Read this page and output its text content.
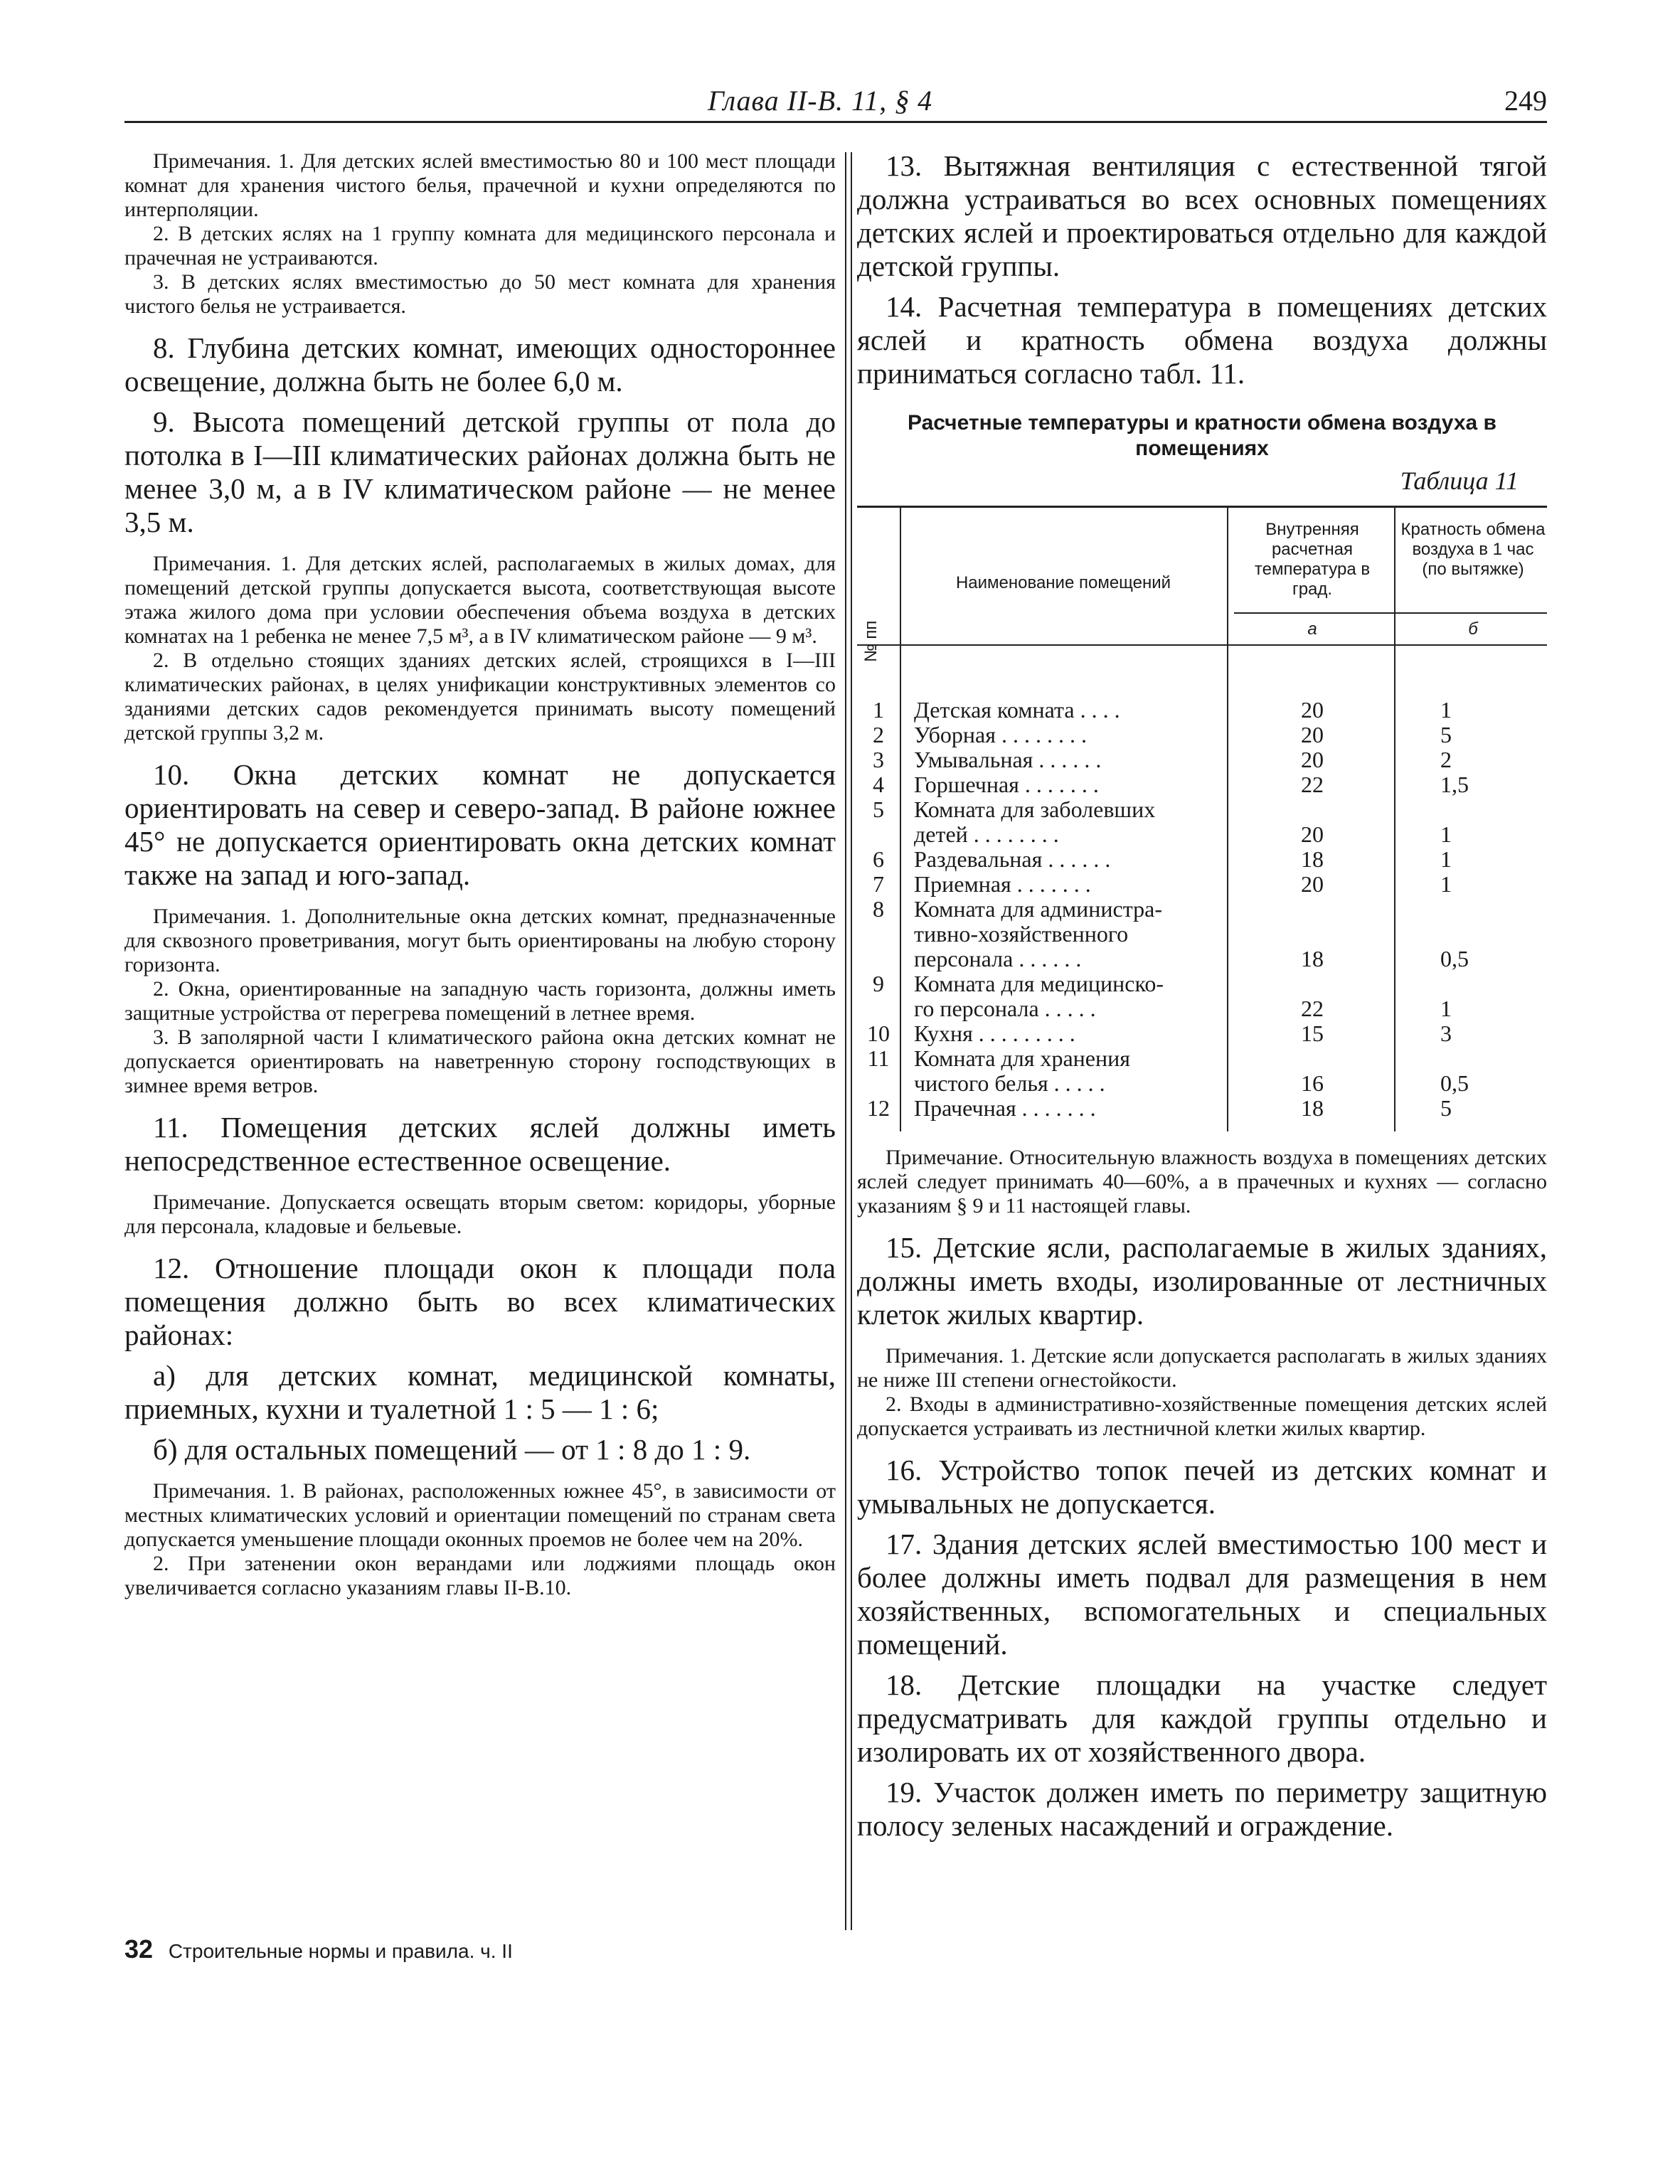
Глава II-В. 11, § 4	249

Примечания. 1. Для детских яслей вместимостью 80 и 100 мест площади комнат для хранения чистого белья, прачечной и кухни определяются по интерполяции.

2. В детских яслях на 1 группу комната для медицинского персонала и прачечная не устраиваются.

3. В детских яслях вместимостью до 50 мест комната для хранения чистого белья не устраивается.

8. Глубина детских комнат, имеющих одностороннее освещение, должна быть не более 6,0 м.

9. Высота помещений детской группы от пола до потолка в I—III климатических районах должна быть не менее 3,0 м, а в IV климатическом районе — не менее 3,5 м.

Примечания. 1. Для детских яслей, располагаемых в жилых домах, для помещений детской группы допускается высота, соответствующая высоте этажа жилого дома при условии обеспечения объема воздуха в детских комнатах на 1 ребенка не менее 7,5 м³, а в IV климатическом районе — 9 м³.

2. В отдельно стоящих зданиях детских яслей, строящихся в I—III климатических районах, в целях унификации конструктивных элементов со зданиями детских садов рекомендуется принимать высоту помещений детской группы 3,2 м.

10. Окна детских комнат не допускается ориентировать на север и северо-запад. В районе южнее 45° не допускается ориентировать окна детских комнат также на запад и юго-запад.

Примечания. 1. Дополнительные окна детских комнат, предназначенные для сквозного проветривания, могут быть ориентированы на любую сторону горизонта.

2. Окна, ориентированные на западную часть горизонта, должны иметь защитные устройства от перегрева помещений в летнее время.

3. В заполярной части I климатического района окна детских комнат не допускается ориентировать на наветренную сторону господствующих в зимнее время ветров.

11. Помещения детских яслей должны иметь непосредственное естественное освещение.

Примечание. Допускается освещать вторым светом: коридоры, уборные для персонала, кладовые и бельевые.

12. Отношение площади окон к площади пола помещения должно быть во всех климатических районах:

а) для детских комнат, медицинской комнаты, приемных, кухни и туалетной 1 : 5 — 1 : 6;

б) для остальных помещений — от 1 : 8 до 1 : 9.

Примечания. 1. В районах, расположенных южнее 45°, в зависимости от местных климатических условий и ориентации помещений по странам света допускается уменьшение площади оконных проемов не более чем на 20%.

2. При затенении окон верандами или лоджиями площадь окон увеличивается согласно указаниям главы II-В.10.

13. Вытяжная вентиляция с естественной тягой должна устраиваться во всех основных помещениях детских яслей и проектироваться отдельно для каждой детской группы.

14. Расчетная температура в помещениях детских яслей и кратность обмена воздуха должны приниматься согласно табл. 11.

Расчетные температуры и кратности обмена воздуха в помещениях
Таблица 11
№ пп
Наименование помещений
Внутренняя расчетная температура в град.
Кратность обмена воздуха в 1 час (по вытяжке)
а	б
1	Детская комната . . . .	20	1
2	Уборная . . . . . . . .	20	5
3	Умывальная . . . . . .	20	2
4	Горшечная . . . . . . .	22	1,5
5	Комната для заболевших
детей . . . . . . . .	20	1
6	Раздевальная . . . . . .	18	1
7	Приемная . . . . . . .	20	1
8	Комната для администра-
тивно-хозяйственного
персонала . . . . . .	18	0,5
9	Комната для медицинско-
го персонала . . . . .	22	1
10	Кухня . . . . . . . . .	15	3
11	Комната для хранения
чистого белья . . . . .	16	0,5
12	Прачечная . . . . . . .	18	5

Примечание. Относительную влажность воздуха в помещениях детских яслей следует принимать 40—60%, а в прачечных и кухнях — согласно указаниям § 9 и 11 настоящей главы.

15. Детские ясли, располагаемые в жилых зданиях, должны иметь входы, изолированные от лестничных клеток жилых квартир.

Примечания. 1. Детские ясли допускается располагать в жилых зданиях не ниже III степени огнестойкости.

2. Входы в административно-хозяйственные помещения детских яслей допускается устраивать из лестничной клетки жилых квартир.

16. Устройство топок печей из детских комнат и умывальных не допускается.

17. Здания детских яслей вместимостью 100 мест и более должны иметь подвал для размещения в нем хозяйственных, вспомогательных и специальных помещений.

18. Детские площадки на участке следует предусматривать для каждой группы отдельно и изолировать их от хозяйственного двора.

19. Участок должен иметь по периметру защитную полосу зеленых насаждений и ограждение.

32 Строительные нормы и правила. ч. II
